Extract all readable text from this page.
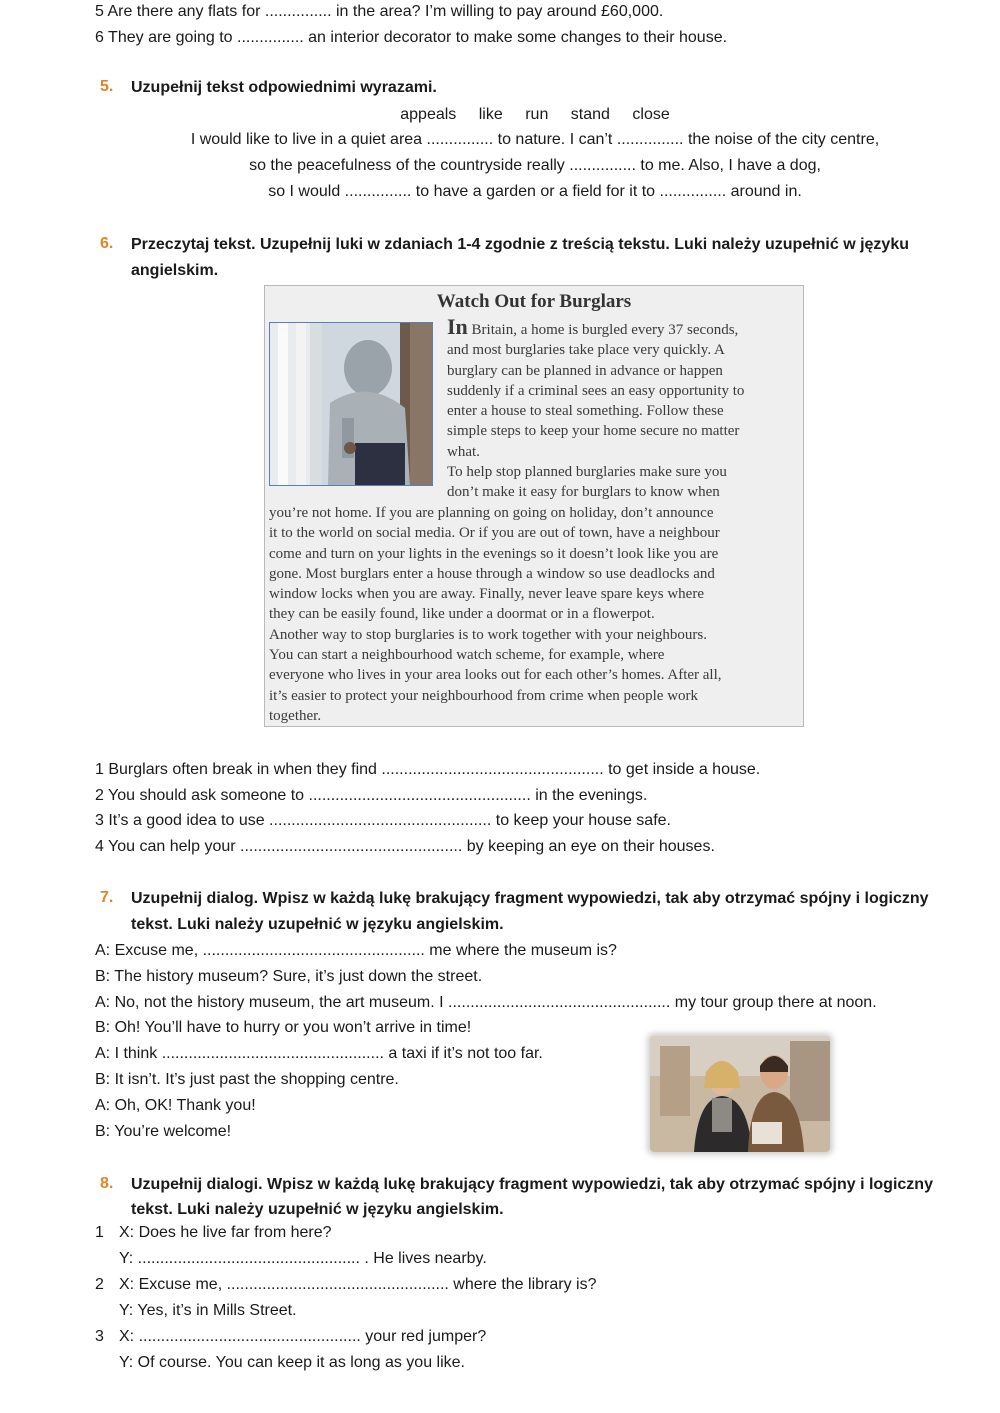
5 Are there any flats for ............... in the area? I’m willing to pay around £60,000.
6 They are going to ............... an interior decorator to make some changes to their house.
5. Uzupełnij tekst odpowiednimi wyrazami.
appeals like run stand close
I would like to live in a quiet area ............... to nature. I can’t ............... the noise of the city centre,
so the peacefulness of the countryside really ............... to me. Also, I have a dog,
so I would ............... to have a garden or a field for it to ............... around in.
6. Przeczytaj tekst. Uzupełnij luki w zdaniach 1-4 zgodnie z treścią tekstu. Luki należy uzupełnić w języku
angielskim.
Watch Out for Burglars
In Britain, a home is burgled every 37 seconds,
and most burglaries take place very quickly. A
burglary can be planned in advance or happen
suddenly if a criminal sees an easy opportunity to
enter a house to steal something. Follow these
simple steps to keep your home secure no matter
what.
To help stop planned burglaries make sure you
don’t make it easy for burglars to know when
you’re not home. If you are planning on going on holiday, don’t announce
it to the world on social media. Or if you are out of town, have a neighbour
come and turn on your lights in the evenings so it doesn’t look like you are
gone. Most burglars enter a house through a window so use deadlocks and
window locks when you are away. Finally, never leave spare keys where
they can be easily found, like under a doormat or in a flowerpot.
Another way to stop burglaries is to work together with your neighbours.
You can start a neighbourhood watch scheme, for example, where
everyone who lives in your area looks out for each other’s homes. After all,
it’s easier to protect your neighbourhood from crime when people work
together.
1 Burglars often break in when they find .................................................. to get inside a house.
2 You should ask someone to .................................................. in the evenings.
3 It’s a good idea to use .................................................. to keep your house safe.
4 You can help your .................................................. by keeping an eye on their houses.
7. Uzupełnij dialog. Wpisz w każdą lukę brakujący fragment wypowiedzi, tak aby otrzymać spójny i logiczny
tekst. Luki należy uzupełnić w języku angielskim.
A: Excuse me, .................................................. me where the museum is?
B: The history museum? Sure, it’s just down the street.
A: No, not the history museum, the art museum. I .................................................. my tour group there at noon.
B: Oh! You’ll have to hurry or you won’t arrive in time!
A: I think .................................................. a taxi if it’s not too far.
B: It isn’t. It’s just past the shopping centre.
A: Oh, OK! Thank you!
B: You’re welcome!
8. Uzupełnij dialogi. Wpisz w każdą lukę brakujący fragment wypowiedzi, tak aby otrzymać spójny i logiczny
tekst. Luki należy uzupełnić w języku angielskim.
1 X: Does he live far from here?
Y: .................................................. . He lives nearby.
2 X: Excuse me, .................................................. where the library is?
Y: Yes, it’s in Mills Street.
3 X: .................................................. your red jumper?
Y: Of course. You can keep it as long as you like.
